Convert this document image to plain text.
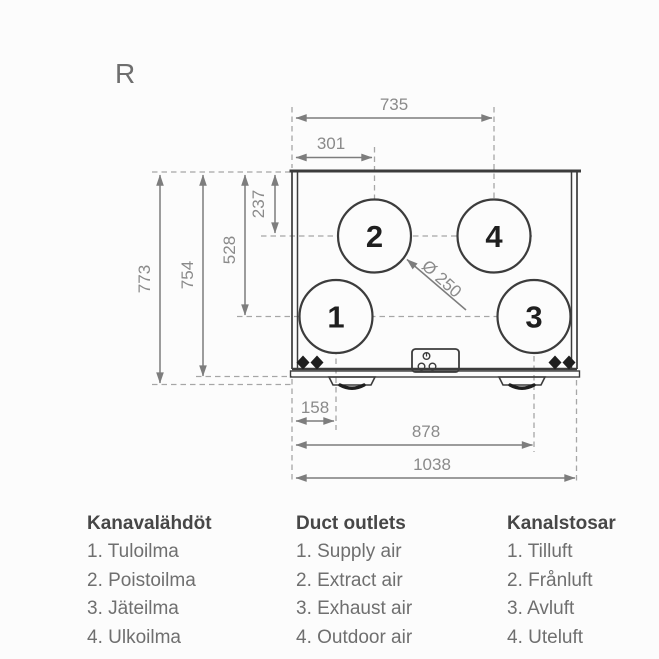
R
2	4
1	3
735
301
773 754
528
237
158
878
1038
Ø 250
Kanavalähdöt
1. Tuloilma
2. Poistoilma
3. Jäteilma
4. Ulkoilma
Duct outlets
1. Supply air
2. Extract air
3. Exhaust air
4. Outdoor air
Kanalstosar
1. Tilluft
2. Frånluft
3. Avluft
4. Uteluft
